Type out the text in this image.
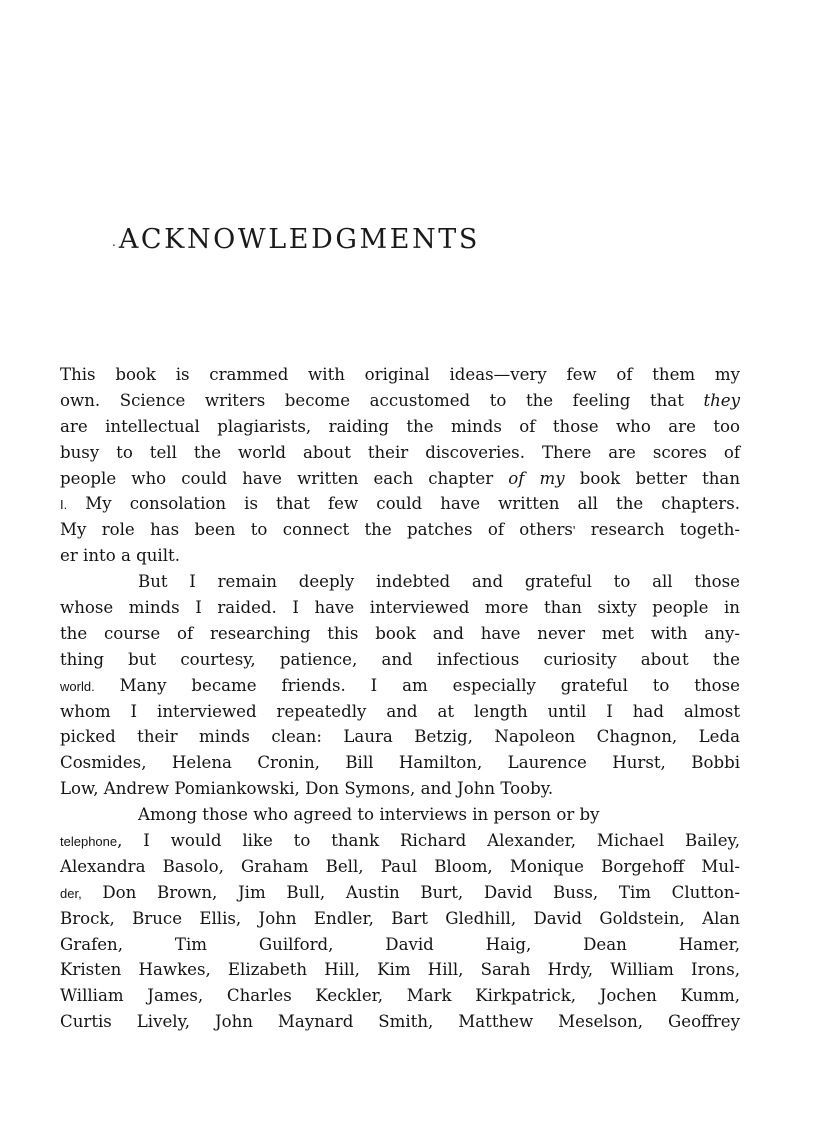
. ACKNOWLEDGMENTS
This book is crammed with original ideas—very few of them my
own. Science writers become accustomed to the feeling that they
are intellectual plagiarists, raiding the minds of those who are too
busy to tell the world about their discoveries. There are scores of
people who could have written each chapter of my book better than
I. My consolation is that few could have written all the chapters.
My role has been to connect the patches of others' research togeth-
er into a quilt.
But I remain deeply indebted and grateful to all those
whose minds I raided. I have interviewed more than sixty people in
the course of researching this book and have never met with any-
thing but courtesy, patience, and infectious curiosity about the
world. Many became friends. I am especially grateful to those
whom I interviewed repeatedly and at length until I had almost
picked their minds clean: Laura Betzig, Napoleon Chagnon, Leda
Cosmides, Helena Cronin, Bill Hamilton, Laurence Hurst, Bobbi
Low, Andrew Pomiankowski, Don Symons, and John Tooby.
Among those who agreed to interviews in person or by
telephone, I would like to thank Richard Alexander, Michael Bailey,
Alexandra Basolo, Graham Bell, Paul Bloom, Monique Borgehoff Mul-
der, Don Brown, Jim Bull, Austin Burt, David Buss, Tim Clutton-
Brock, Bruce Ellis, John Endler, Bart Gledhill, David Goldstein, Alan
Grafen, Tim Guilford, David Haig, Dean Hamer,
Kristen Hawkes, Elizabeth Hill, Kim Hill, Sarah Hrdy, William Irons,
William James, Charles Keckler, Mark Kirkpatrick, Jochen Kumm,
Curtis Lively, John Maynard Smith, Matthew Meselson, Geoffrey
